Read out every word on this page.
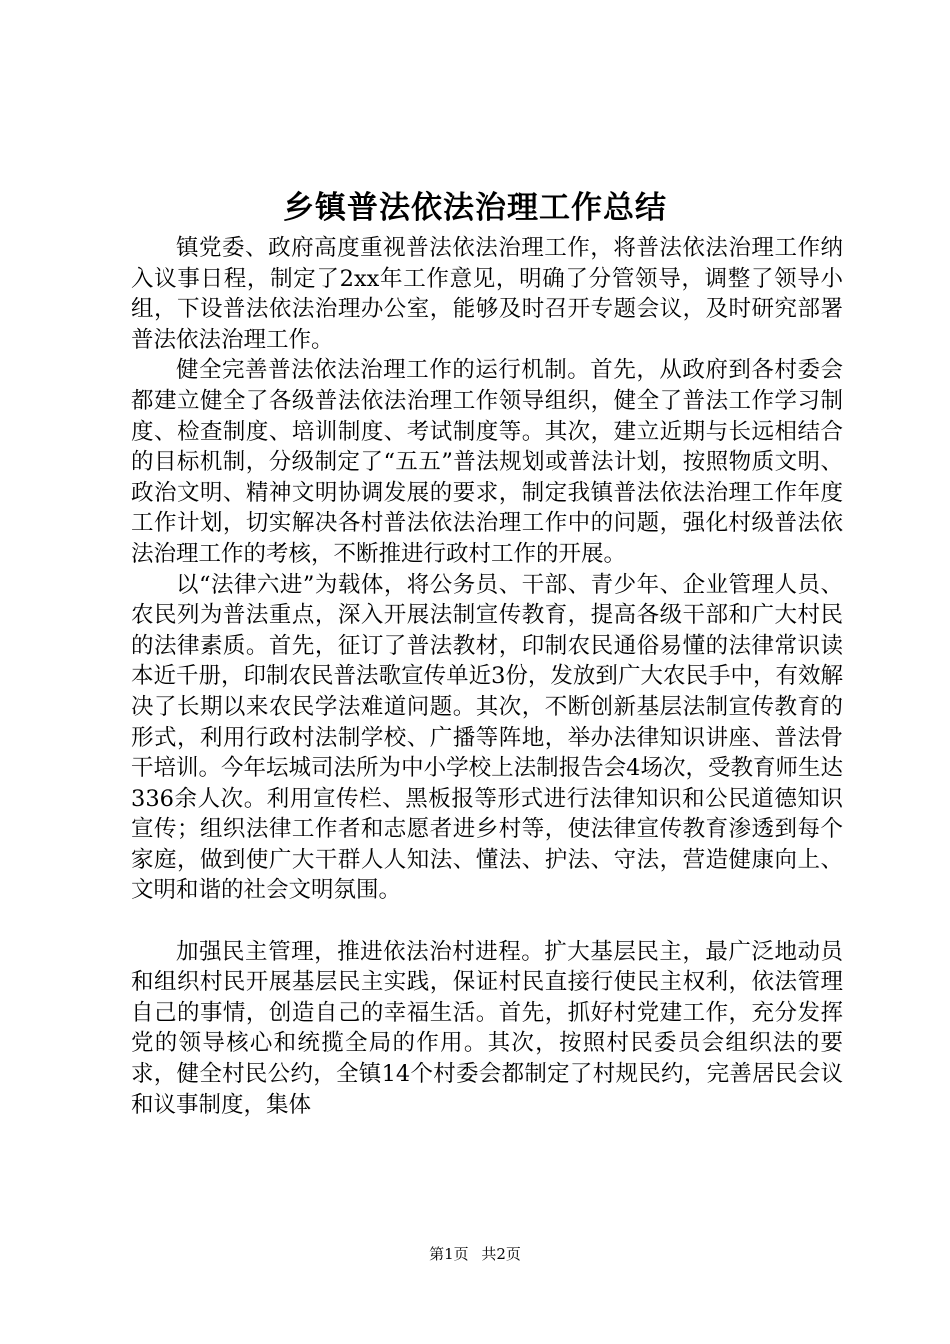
乡镇普法依法治理工作总结

镇党委、政府高度重视普法依法治理工作，将普法依法治理工作纳入议事日程，制定了2xx年工作意见，明确了分管领导，调整了领导小组，下设普法依法治理办公室，能够及时召开专题会议，及时研究部署普法依法治理工作。

健全完善普法依法治理工作的运行机制。首先，从政府到各村委会都建立健全了各级普法依法治理工作领导组织，健全了普法工作学习制度、检查制度、培训制度、考试制度等。其次，建立近期与长远相结合的目标机制，分级制定了“五五”普法规划或普法计划，按照物质文明、政治文明、精神文明协调发展的要求，制定我镇普法依法治理工作年度工作计划，切实解决各村普法依法治理工作中的问题，强化村级普法依法治理工作的考核，不断推进行政村工作的开展。

以“法律六进”为载体，将公务员、干部、青少年、企业管理人员、农民列为普法重点，深入开展法制宣传教育，提高各级干部和广大村民的法律素质。首先，征订了普法教材，印制农民通俗易懂的法律常识读本近千册，印制农民普法歌宣传单近3份，发放到广大农民手中，有效解决了长期以来农民学法难道问题。其次，不断创新基层法制宣传教育的形式，利用行政村法制学校、广播等阵地，举办法律知识讲座、普法骨干培训。今年坛城司法所为中小学校上法制报告会4场次，受教育师生达336余人次。利用宣传栏、黑板报等形式进行法律知识和公民道德知识宣传；组织法律工作者和志愿者进乡村等，使法律宣传教育渗透到每个家庭，做到使广大干群人人知法、懂法、护法、守法，营造健康向上、文明和谐的社会文明氛围。

加强民主管理，推进依法治村进程。扩大基层民主，最广泛地动员和组织村民开展基层民主实践，保证村民直接行使民主权利，依法管理自己的事情，创造自己的幸福生活。首先，抓好村党建工作，充分发挥党的领导核心和统揽全局的作用。其次，按照村民委员会组织法的要求，健全村民公约，全镇14个村委会都制定了村规民约，完善居民会议和议事制度，集体

第1页 共2页
